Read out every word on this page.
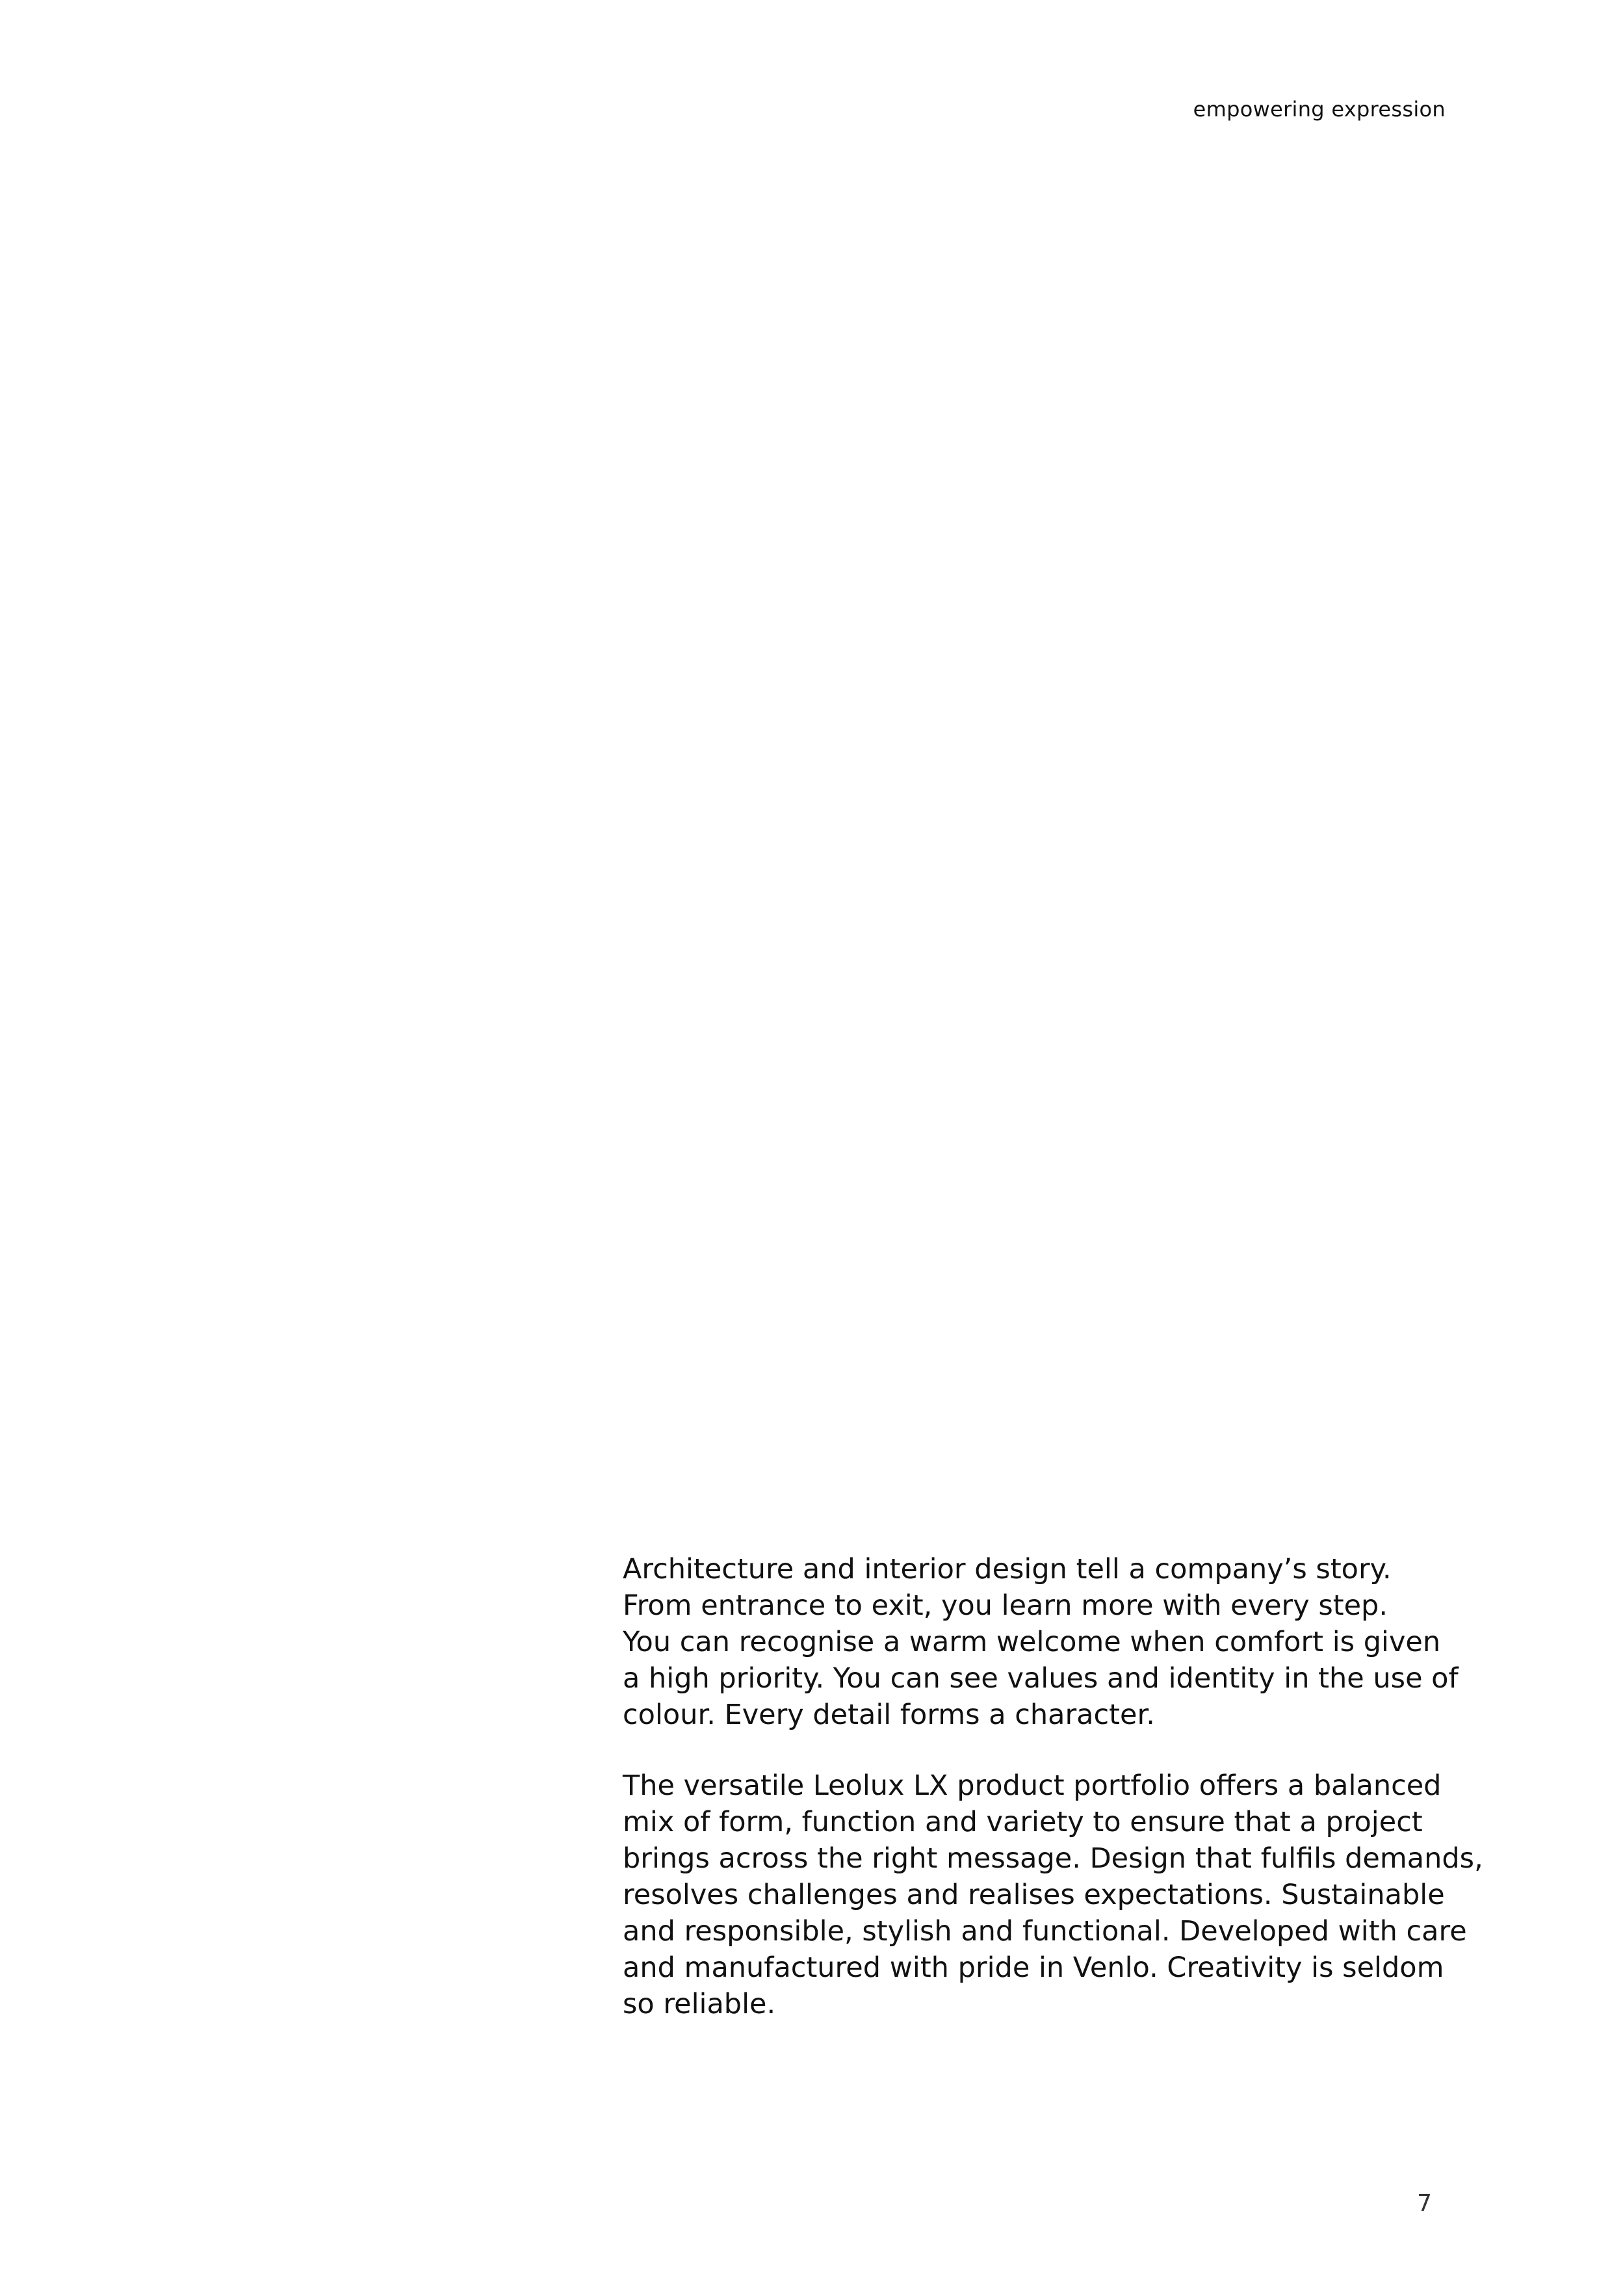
empowering expression
Architecture and interior design tell a company’s story.
From entrance to exit, you learn more with every step.
You can recognise a warm welcome when comfort is given
a high priority. You can see values and identity in the use of
colour. Every detail forms a character.
The versatile Leolux LX product portfolio offers a balanced
mix of form, function and variety to ensure that a project
brings across the right message. Design that fulfils demands,
resolves challenges and realises expectations. Sustainable
and responsible, stylish and functional. Developed with care
and manufactured with pride in Venlo. Creativity is seldom
so reliable.
7
